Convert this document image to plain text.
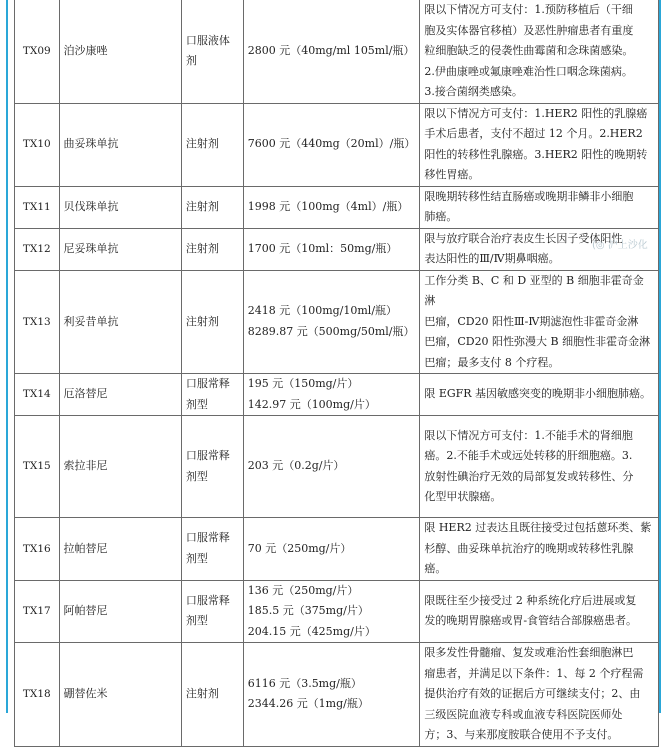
TX09	泊沙康唑	口服液体
剂	2800 元（40mg/ml 105ml/瓶）	限以下情况方可支付：1.预防移植后（干细
胞及实体器官移植）及恶性肿瘤患者有重度
粒细胞缺乏的侵袭性曲霉菌和念珠菌感染。
2.伊曲康唑或氟康唑难治性口咽念珠菌病。
3.接合菌纲类感染。

TX10	曲妥珠单抗	注射剂	7600 元（440mg（20ml）/瓶）	限以下情况方可支付：1.HER2 阳性的乳腺癌
手术后患者，支付不超过 12 个月。2.HER2
阳性的转移性乳腺癌。3.HER2 阳性的晚期转
移性胃癌。

TX11	贝伐珠单抗	注射剂	1998 元（100mg（4ml）/瓶）	限晚期转移性结直肠癌或晚期非鳞非小细胞
肺癌。

TX12	尼妥珠单抗	注射剂	1700 元（10ml：50mg/瓶）	限与放疗联合治疗表皮生长因子受体阳性
表达阳性的Ⅲ/Ⅳ期鼻咽癌。

TX13	利妥昔单抗	注射剂	2418 元（100mg/10ml/瓶）
8289.87 元（500mg/50ml/瓶）	工作分类 B、C 和 D 亚型的 B 细胞非霍奇金淋
巴瘤，CD20 阳性Ⅲ-Ⅳ期滤泡性非霍奇金淋
巴瘤，CD20 阳性弥漫大 B 细胞性非霍奇金淋
巴瘤；最多支付 8 个疗程。

TX14	厄洛替尼	口服常释
剂型	195 元（150mg/片）
142.97 元（100mg/片）	限 EGFR 基因敏感突变的晚期非小细胞肺癌。

TX15	索拉非尼	口服常释
剂型	203 元（0.2g/片）	限以下情况方可支付：1.不能手术的肾细胞
癌。2.不能手术或远处转移的肝细胞癌。3.
放射性碘治疗无效的局部复发或转移性、分
化型甲状腺癌。

TX16	拉帕替尼	口服常释
剂型	70 元（250mg/片）	限 HER2 过表达且既往接受过包括蒽环类、紫
杉醇、曲妥珠单抗治疗的晚期或转移性乳腺
癌。

TX17	阿帕替尼	口服常释
剂型	136 元（250mg/片）
185.5 元（375mg/片）
204.15 元（425mg/片）	限既往至少接受过 2 种系统化疗后进展或复
发的晚期胃腺癌或胃-食管结合部腺癌患者。

TX18	硼替佐米	注射剂	6116 元（3.5mg/瓶）
2344.26 元（1mg/瓶）	限多发性骨髓瘤、复发或难治性套细胞淋巴
瘤患者，并满足以下条件：1、每 2 个疗程需
提供治疗有效的证据后方可继续支付；2、由
三级医院血液专科或血液专科医院医师处
方；3、与来那度胺联合使用不予支付。
(◎ 沪上沙化
